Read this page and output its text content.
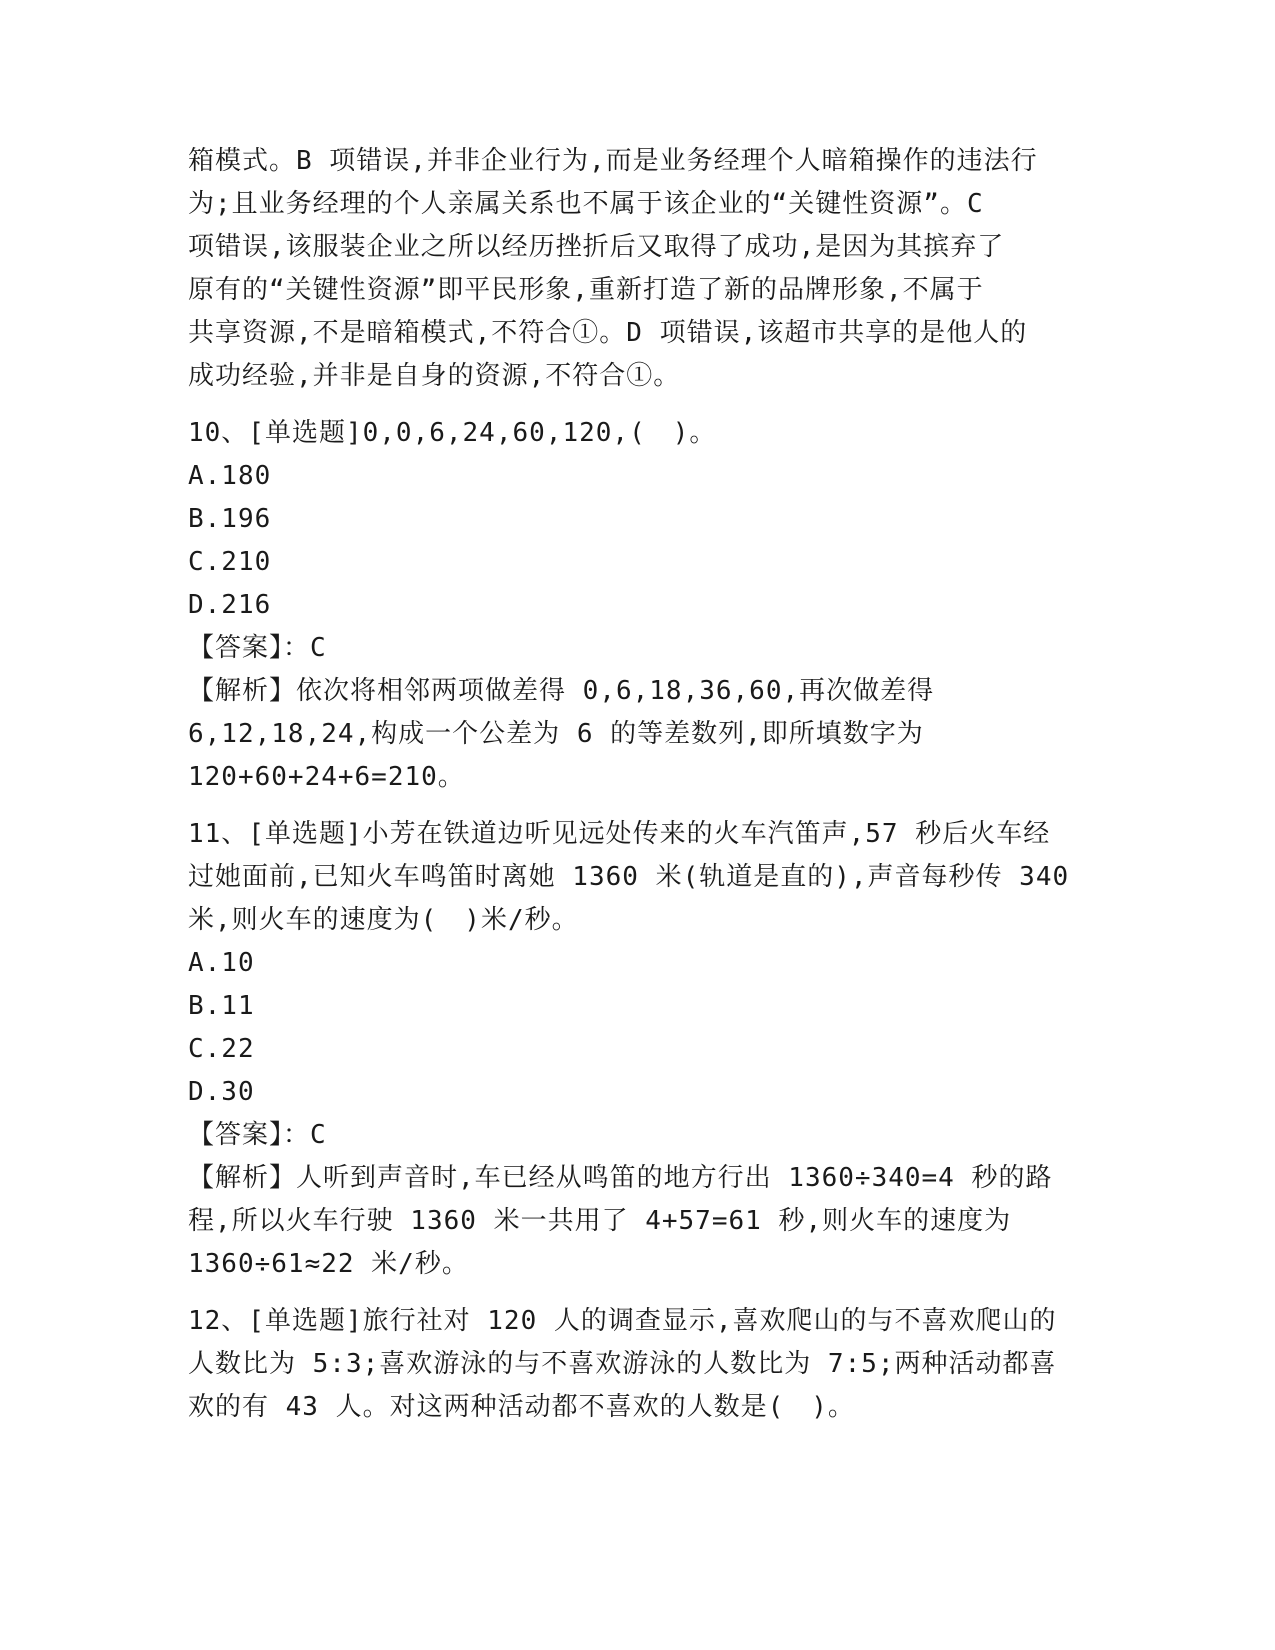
箱模式。B 项错误,并非企业行为,而是业务经理个人暗箱操作的违法行
为;且业务经理的个人亲属关系也不属于该企业的“关键性资源”。C
项错误,该服装企业之所以经历挫折后又取得了成功,是因为其摈弃了
原有的“关键性资源”即平民形象,重新打造了新的品牌形象,不属于
共享资源,不是暗箱模式,不符合①。D 项错误,该超市共享的是他人的
成功经验,并非是自身的资源,不符合①。
10、[单选题]0,0,6,24,60,120,(　)。
A.180
B.196
C.210
D.216
【答案】：C
【解析】依次将相邻两项做差得 0,6,18,36,60,再次做差得
6,12,18,24,构成一个公差为 6 的等差数列,即所填数字为
120+60+24+6=210。
11、[单选题]小芳在铁道边听见远处传来的火车汽笛声,57 秒后火车经
过她面前,已知火车鸣笛时离她 1360 米(轨道是直的),声音每秒传 340
米,则火车的速度为(　)米/秒。
A.10
B.11
C.22
D.30
【答案】：C
【解析】人听到声音时,车已经从鸣笛的地方行出 1360÷340=4 秒的路
程,所以火车行驶 1360 米一共用了 4+57=61 秒,则火车的速度为
1360÷61≈22 米/秒。
12、[单选题]旅行社对 120 人的调查显示,喜欢爬山的与不喜欢爬山的
人数比为 5:3;喜欢游泳的与不喜欢游泳的人数比为 7:5;两种活动都喜
欢的有 43 人。对这两种活动都不喜欢的人数是(　)。
